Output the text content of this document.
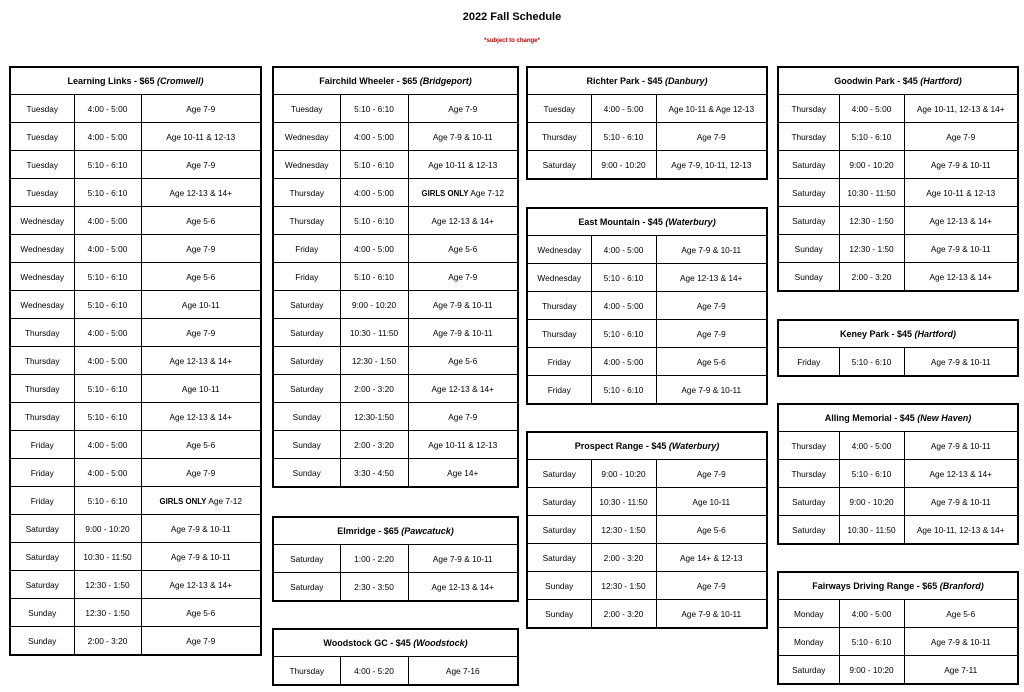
2022 Fall Schedule
*subject to change*
Learning Links - $65 (Cromwell)		
Tuesday	4:00 - 5:00	Age 7-9
Tuesday	4:00 - 5:00	Age 10-11 & 12-13
Tuesday	5:10 - 6:10	Age 7-9
Tuesday	5:10 - 6:10	Age 12-13 & 14+
Wednesday	4:00 - 5:00	Age 5-6
Wednesday	4:00 - 5:00	Age 7-9
Wednesday	5:10 - 6:10	Age 5-6
Wednesday	5:10 - 6:10	Age 10-11
Thursday	4:00 - 5:00	Age 7-9
Thursday	4:00 - 5:00	Age 12-13 & 14+
Thursday	5:10 - 6:10	Age 10-11
Thursday	5:10 - 6:10	Age 12-13 & 14+
Friday	4:00 - 5:00	Age 5-6
Friday	4:00 - 5:00	Age 7-9
Friday	5:10 - 6:10	GIRLS ONLY Age 7-12
Saturday	9:00 - 10:20	Age 7-9 & 10-11
Saturday	10:30 - 11:50	Age 7-9 & 10-11
Saturday	12:30 - 1:50	Age 12-13 & 14+
Sunday	12:30 - 1:50	Age 5-6
Sunday	2:00 - 3:20	Age 7-9
Fairchild Wheeler - $65 (Bridgeport)		
Tuesday	5:10 - 6:10	Age 7-9
Wednesday	4:00 - 5:00	Age 7-9 & 10-11
Wednesday	5:10 - 6:10	Age 10-11 & 12-13
Thursday	4:00 - 5:00	GIRLS ONLY Age 7-12
Thursday	5:10 - 6:10	Age 12-13 & 14+
Friday	4:00 - 5:00	Age 5-6
Friday	5:10 - 6:10	Age 7-9
Saturday	9:00 - 10:20	Age 7-9 & 10-11
Saturday	10:30 - 11:50	Age 7-9 & 10-11
Saturday	12:30 - 1:50	Age 5-6
Saturday	2:00 - 3:20	Age 12-13 & 14+
Sunday	12:30-1:50	Age 7-9
Sunday	2:00 - 3:20	Age 10-11 & 12-13
Sunday	3:30 - 4:50	Age 14+
Elmridge - $65 (Pawcatuck)		
Saturday	1:00 - 2:20	Age 7-9 & 10-11
Saturday	2:30 - 3:50	Age 12-13 & 14+
Woodstock GC - $45 (Woodstock)
Thursday	4:00 - 5:20	Age 7-16
Richter Park - $45 (Danbury)		
Tuesday	4:00 - 5:00	Age 10-11 & Age 12-13
Thursday	5:10 - 6:10	Age 7-9
Saturday	9:00 - 10:20	Age 7-9, 10-11, 12-13
East Mountain - $45 (Waterbury)		
Wednesday	4:00 - 5:00	Age 7-9 & 10-11
Wednesday	5:10 - 6:10	Age 12-13 & 14+
Thursday	4:00 - 5:00	Age 7-9
Thursday	5:10 - 6:10	Age 7-9
Friday	4:00 - 5:00	Age 5-6
Friday	5:10 - 6:10	Age 7-9 & 10-11
Prospect Range - $45 (Waterbury)		
Saturday	9:00 - 10:20	Age 7-9
Saturday	10:30 - 11:50	Age 10-11
Saturday	12:30 - 1:50	Age 5-6
Saturday	2:00 - 3:20	Age 14+ & 12-13
Sunday	12:30 - 1:50	Age 7-9
Sunday	2:00 - 3:20	Age 7-9 & 10-11
Goodwin Park - $45 (Hartford)		
Thursday	4:00 - 5:00	Age 10-11, 12-13 & 14+
Thursday	5:10 - 6:10	Age 7-9
Saturday	9:00 - 10:20	Age 7-9 & 10-11
Saturday	10:30 - 11:50	Age 10-11 & 12-13
Saturday	12:30 - 1:50	Age 12-13 & 14+
Sunday	12:30 - 1:50	Age 7-9 & 10-11
Sunday	2:00 - 3:20	Age 12-13 & 14+
Keney Park - $45 (Hartford)
Friday	5:10 - 6:10	Age 7-9 & 10-11
Alling Memorial - $45 (New Haven)		
Thursday	4:00 - 5:00	Age 7-9 & 10-11
Thursday	5:10 - 6:10	Age 12-13 & 14+
Saturday	9:00 - 10:20	Age 7-9 & 10-11
Saturday	10:30 - 11:50	Age 10-11, 12-13 & 14+
Fairways Driving Range - $65 (Branford)		
Monday	4:00 - 5:00	Age 5-6
Monday	5:10 - 6:10	Age 7-9 & 10-11
Saturday	9:00 - 10:20	Age 7-11
